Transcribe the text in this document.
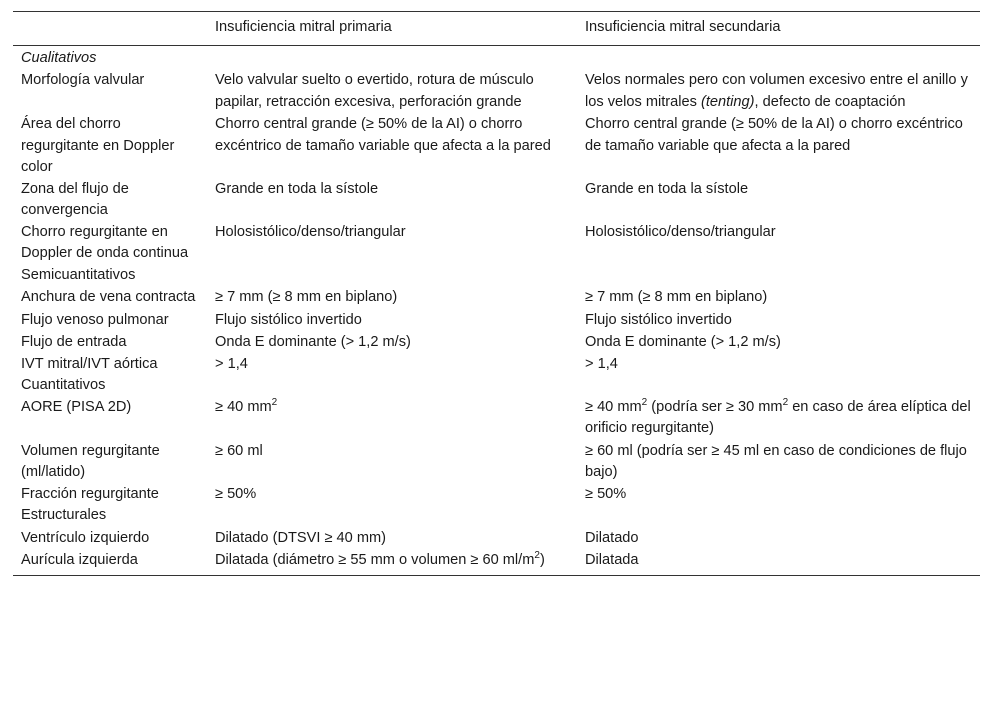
	Insuficiencia mitral primaria	Insuficiencia mitral secundaria
Cualitativos		
Morfología valvular	Velo valvular suelto o evertido, rotura de músculo papilar, retracción excesiva, perforación grande	Velos normales pero con volumen excesivo entre el anillo y los velos mitrales (tenting), defecto de coaptación
Área del chorro regurgitante en Doppler color	Chorro central grande (≥ 50% de la AI) o chorro excéntrico de tamaño variable que afecta a la pared	Chorro central grande (≥ 50% de la AI) o chorro excéntrico de tamaño variable que afecta a la pared
Zona del flujo de convergencia	Grande en toda la sístole	Grande en toda la sístole
Chorro regurgitante en Doppler de onda continua	Holosistólico/denso/triangular	Holosistólico/denso/triangular
Semicuantitativos		
Anchura de vena contracta	≥ 7 mm (≥ 8 mm en biplano)	≥ 7 mm (≥ 8 mm en biplano)
Flujo venoso pulmonar	Flujo sistólico invertido	Flujo sistólico invertido
Flujo de entrada	Onda E dominante (> 1,2 m/s)	Onda E dominante (> 1,2 m/s)
IVT mitral/IVT aórtica	> 1,4	> 1,4
Cuantitativos		
AORE (PISA 2D)	≥ 40 $mm^2$	≥ 40 $mm^2$ (podría ser ≥ 30 $mm^2$ en caso de área elíptica del orificio regurgitante)
Volumen regurgitante (ml/latido)	≥ 60 ml	≥ 60 ml (podría ser ≥ 45 ml en caso de condiciones de flujo bajo)
Fracción regurgitante	≥ 50%	≥ 50%
Estructurales		
Ventrículo izquierdo	Dilatado (DTSVI ≥ 40 mm)	Dilatado
Aurícula izquierda	Dilatada (diámetro ≥ 55 mm o volumen ≥ 60 $ml/m^2$)	Dilatada
